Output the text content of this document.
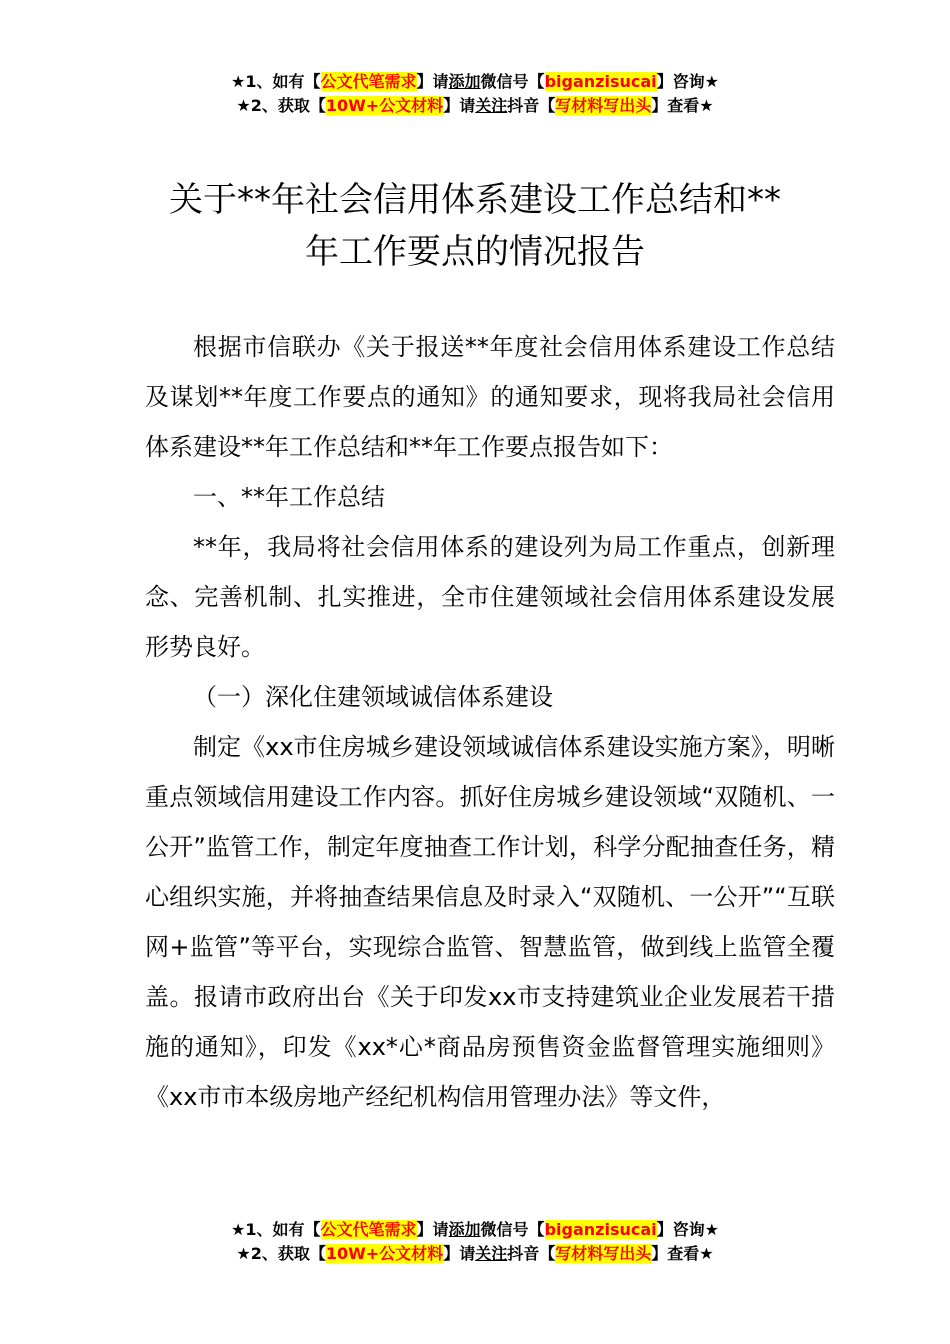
★1、如有【公文代笔需求】请添加微信号【biganzisucai】咨询★
★2、获取【10W+公文材料】请关注抖音【写材料写出头】查看★
关于**年社会信用体系建设工作总结和**
年工作要点的情况报告

根据市信联办《关于报送**年度社会信用体系建设工作总结及谋划**年度工作要点的通知》的通知要求，现将我局社会信用体系建设**年工作总结和**年工作要点报告如下：

一、**年工作总结

**年，我局将社会信用体系的建设列为局工作重点，创新理念、完善机制、扎实推进，全市住建领域社会信用体系建设发展形势良好。

（一）深化住建领域诚信体系建设

制定《xx市住房城乡建设领域诚信体系建设实施方案》，明晰重点领域信用建设工作内容。抓好住房城乡建设领域“双随机、一公开”监管工作，制定年度抽查工作计划，科学分配抽查任务，精心组织实施，并将抽查结果信息及时录入“双随机、一公开”“互联网+监管”等平台，实现综合监管、智慧监管，做到线上监管全覆盖。报请市政府出台《关于印发xx市支持建筑业企业发展若干措施的通知》，印发《xx*心*商品房预售资金监督管理实施细则》《xx市市本级房地产经纪机构信用管理办法》等文件，

★1、如有【公文代笔需求】请添加微信号【biganzisucai】咨询★
★2、获取【10W+公文材料】请关注抖音【写材料写出头】查看★
